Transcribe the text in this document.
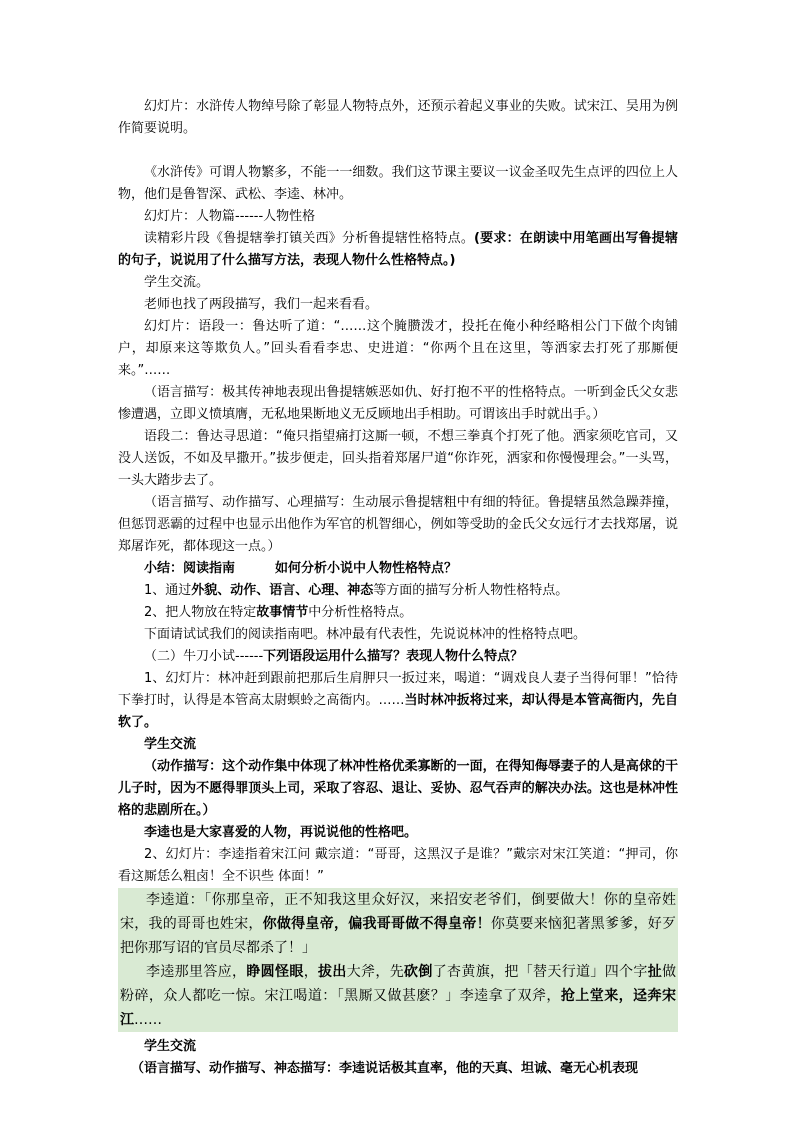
幻灯片：水浒传人物绰号除了彰显人物特点外，还预示着起义事业的失败。试宋江、吴用为例作简要说明。

《水浒传》可谓人物繁多，不能一一细数。我们这节课主要议一议金圣叹先生点评的四位上人物，他们是鲁智深、武松、李逵、林冲。

幻灯片：人物篇------人物性格

读精彩片段《鲁提辖拳打镇关西》分析鲁提辖性格特点。(要求：在朗读中用笔画出写鲁提辖的句子，说说用了什么描写方法，表现人物什么性格特点。)

学生交流。

老师也找了两段描写，我们一起来看看。

幻灯片：语段一：鲁达听了道：“……这个腌臜泼才，投托在俺小种经略相公门下做个肉铺户，却原来这等欺负人。”回头看看李忠、史进道：“你两个且在这里，等洒家去打死了那厮便来。”……

（语言描写：极其传神地表现出鲁提辖嫉恶如仇、好打抱不平的性格特点。一听到金氏父女悲惨遭遇，立即义愤填膺，无私地果断地义无反顾地出手相助。可谓该出手时就出手。）

语段二：鲁达寻思道：“俺只指望痛打这厮一顿，不想三拳真个打死了他。洒家须吃官司，又没人送饭，不如及早撒开。”拔步便走，回头指着郑屠尸道“你诈死，洒家和你慢慢理会。”一头骂，一头大踏步去了。

（语言描写、动作描写、心理描写：生动展示鲁提辖粗中有细的特征。鲁提辖虽然急躁莽撞，但惩罚恶霸的过程中也显示出他作为军官的机智细心，例如等受助的金氏父女远行才去找郑屠，说郑屠诈死，都体现这一点。）

小结：阅读指南	如何分析小说中人物性格特点？

1、通过外貌、动作、语言、心理、神态等方面的描写分析人物性格特点。

2、把人物放在特定故事情节中分析性格特点。

下面请试试我们的阅读指南吧。林冲最有代表性，先说说林冲的性格特点吧。

（二）牛刀小试------下列语段运用什么描写？表现人物什么特点？

1、幻灯片：林冲赶到跟前把那后生肩胛只一扳过来，喝道：“调戏良人妻子当得何罪！”恰待下拳打时，认得是本管高太尉螟蛉之高衙内。……当时林冲扳将过来，却认得是本管高衙内，先自软了。

学生交流

（动作描写：这个动作集中体现了林冲性格优柔寡断的一面，在得知侮辱妻子的人是高俅的干儿子时，因为不愿得罪顶头上司，采取了容忍、退让、妥协、忍气吞声的解决办法。这也是林冲性格的悲剧所在。）

李逵也是大家喜爱的人物，再说说他的性格吧。

2、幻灯片：李逵指着宋江问 戴宗道：“哥哥，这黑汉子是谁？”戴宗对宋江笑道：“押司，你看这厮恁么粗卤！全不识些 体面！”

李逵道：「你那皇帝，正不知我这里众好汉，来招安老爷们，倒要做大！你的皇帝姓宋，我的哥哥也姓宋，你做得皇帝，偏我哥哥做不得皇帝！你莫要来恼犯著黑爹爹，好歹把你那写诏的官员尽都杀了！」

李逵那里答应，睁圆怪眼，拔出大斧，先砍倒了杏黄旗，把「替天行道」四个字扯做粉碎，众人都吃一惊。宋江喝道：「黑厮又做甚麽？」李逵拿了双斧，抢上堂来，迳奔宋江……

学生交流

（语言描写、动作描写、神态描写：李逵说话极其直率，他的天真、坦诚、毫无心机表现
